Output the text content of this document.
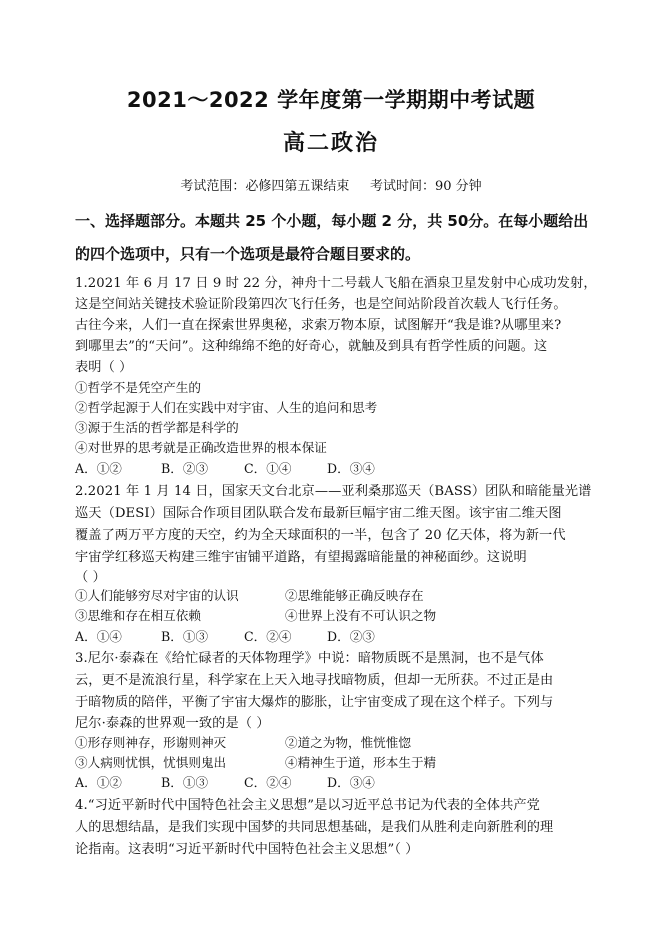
2021～2022 学年度第一学期期中考试题
高二政治
考试范围：必修四第五课结束     考试时间：90 分钟
一、选择题部分。本题共 25 个小题，每小题 2 分，共 50分。在每小题给出
的四个选项中，只有一个选项是最符合题目要求的。
1.2021 年 6 月 17 日 9 时 22 分，神舟十二号载人飞船在酒泉卫星发射中心成功发射，
这是空间站关键技术验证阶段第四次飞行任务，也是空间站阶段首次载人飞行任务。
古往今来，人们一直在探索世界奥秘，求索万物本原，试图解开“我是谁?从哪里来?
到哪里去”的“天问”。这种绵绵不绝的好奇心，就触及到具有哲学性质的问题。这
表明（ ）
①哲学不是凭空产生的
②哲学起源于人们在实践中对宇宙、人生的追问和思考
③源于生活的哲学都是科学的
④对世界的思考就是正确改造世界的根本保证
A．①②	B．②③	C．①④	D．③④
2.2021 年 1 月 14 日，国家天文台北京——亚利桑那巡天（BASS）团队和暗能量光谱
巡天（DESI）国际合作项目团队联合发布最新巨幅宇宙二维天图。该宇宙二维天图
覆盖了两万平方度的天空，约为全天球面积的一半，包含了 20 亿天体，将为新一代
宇宙学红移巡天构建三维宇宙铺平道路，有望揭露暗能量的神秘面纱。这说明
（ ）
①人们能够穷尽对宇宙的认识	②思维能够正确反映存在
③思维和存在相互依赖	④世界上没有不可认识之物
A．①④	B．①③	C．②④	D．②③
3.尼尔·泰森在《给忙碌者的天体物理学》中说：暗物质既不是黑洞，也不是气体
云，更不是流浪行星，科学家在上天入地寻找暗物质，但却一无所获。不过正是由
于暗物质的陪伴，平衡了宇宙大爆炸的膨胀，让宇宙变成了现在这个样子。下列与
尼尔·泰森的世界观一致的是（ ）
①形存则神存，形谢则神灭	②道之为物，惟恍惟惚
③人病则忧惧，忧惧则鬼出	④精神生于道，形本生于精
A．①②	B．①③	C．②④	D．③④
4.“习近平新时代中国特色社会主义思想”是以习近平总书记为代表的全体共产党
人的思想结晶，是我们实现中国梦的共同思想基础，是我们从胜利走向新胜利的理
论指南。这表明“习近平新时代中国特色社会主义思想”（ ）
